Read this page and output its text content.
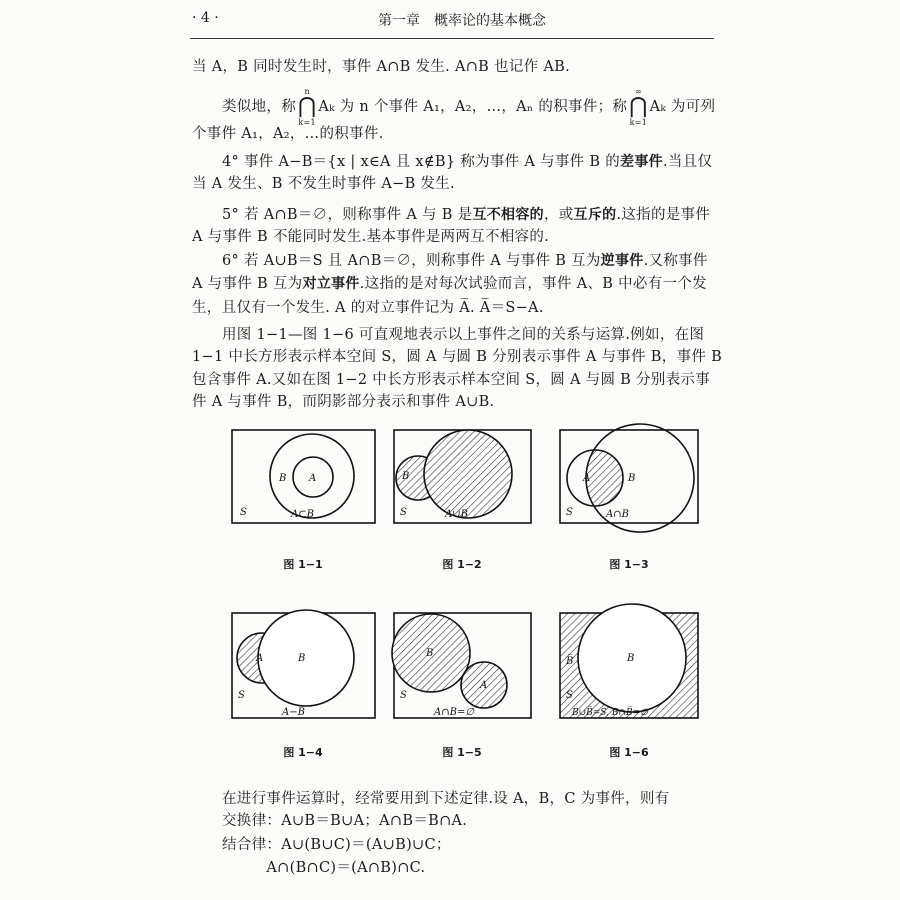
· 4 ·	第一章　概率论的基本概念
当 A，B 同时发生时，事件 A∩B 发生. A∩B 也记作 AB.
类似地，称⋂
n
k=1
Aₖ 为 n 个事件 A₁，A₂，…，Aₙ 的积事件；称⋂
∞
k=1
Aₖ 为可列
个事件 A₁，A₂，…的积事件.
4° 事件 A−B＝{x | x∈A 且 x∉B} 称为事件 A 与事件 B 的差事件.当且仅
当 A 发生、B 不发生时事件 A−B 发生.
5° 若 A∩B＝∅，则称事件 A 与 B 是互不相容的，或互斥的.这指的是事件
A 与事件 B 不能同时发生.基本事件是两两互不相容的.
6° 若 A∪B＝S 且 A∩B＝∅，则称事件 A 与事件 B 互为逆事件.又称事件
A 与事件 B 互为对立事件.这指的是对每次试验而言，事件 A、B 中必有一个发
生，且仅有一个发生. A 的对立事件记为 A̅. A̅＝S−A.
用图 1−1—图 1−6 可直观地表示以上事件之间的关系与运算.例如，在图
1−1 中长方形表示样本空间 S，圆 A 与圆 B 分别表示事件 A 与事件 B，事件 B
包含事件 A.又如在图 1−2 中长方形表示样本空间 S，圆 A 与圆 B 分别表示事
件 A 与事件 B，而阴影部分表示和事件 A∪B.
在进行事件运算时，经常要用到下述定律.设 A，B，C 为事件，则有
交换律：A∪B＝B∪A；A∩B＝B∩A.
结合律：A∪(B∪C)＝(A∪B)∪C；
　　　A∩(B∩C)＝(A∩B)∩C.
B A
S	A⊂B
B
S	A∪B
A	B
S	A∩B
A	B
S
A−B
B
A
S
A∩B=∅
B̅	B
S
B∪B̅=S, B∩B̅=∅
图 1−1	图 1−2	图 1−3
图 1−4	图 1−5	图 1−6
